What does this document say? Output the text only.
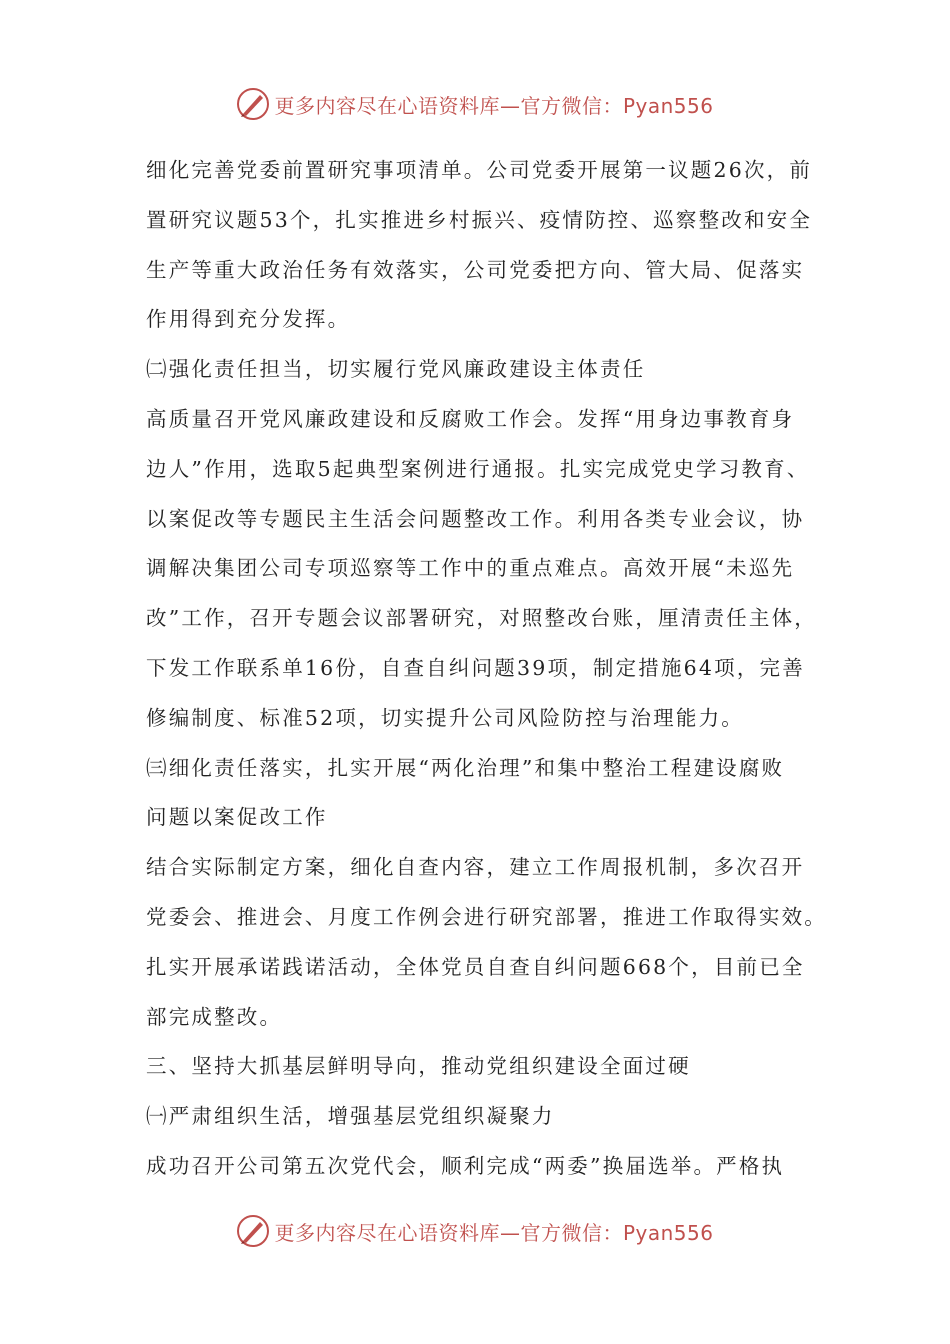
更多内容尽在心语资料库—官方微信：Pyan556
细化完善党委前置研究事项清单。公司党委开展第一议题26次，前
置研究议题53个，扎实推进乡村振兴、疫情防控、巡察整改和安全
生产等重大政治任务有效落实，公司党委把方向、管大局、促落实
作用得到充分发挥。
㈡强化责任担当，切实履行党风廉政建设主体责任
高质量召开党风廉政建设和反腐败工作会。发挥“用身边事教育身
边人”作用，选取5起典型案例进行通报。扎实完成党史学习教育、
以案促改等专题民主生活会问题整改工作。利用各类专业会议，协
调解决集团公司专项巡察等工作中的重点难点。高效开展“未巡先
改”工作，召开专题会议部署研究，对照整改台账，厘清责任主体，
下发工作联系单16份，自查自纠问题39项，制定措施64项，完善
修编制度、标准52项，切实提升公司风险防控与治理能力。
㈢细化责任落实，扎实开展“两化治理”和集中整治工程建设腐败
问题以案促改工作
结合实际制定方案，细化自查内容，建立工作周报机制，多次召开
党委会、推进会、月度工作例会进行研究部署，推进工作取得实效。
扎实开展承诺践诺活动，全体党员自查自纠问题668个，目前已全
部完成整改。
三、坚持大抓基层鲜明导向，推动党组织建设全面过硬
㈠严肃组织生活，增强基层党组织凝聚力
成功召开公司第五次党代会，顺利完成“两委”换届选举。严格执
更多内容尽在心语资料库—官方微信：Pyan556
